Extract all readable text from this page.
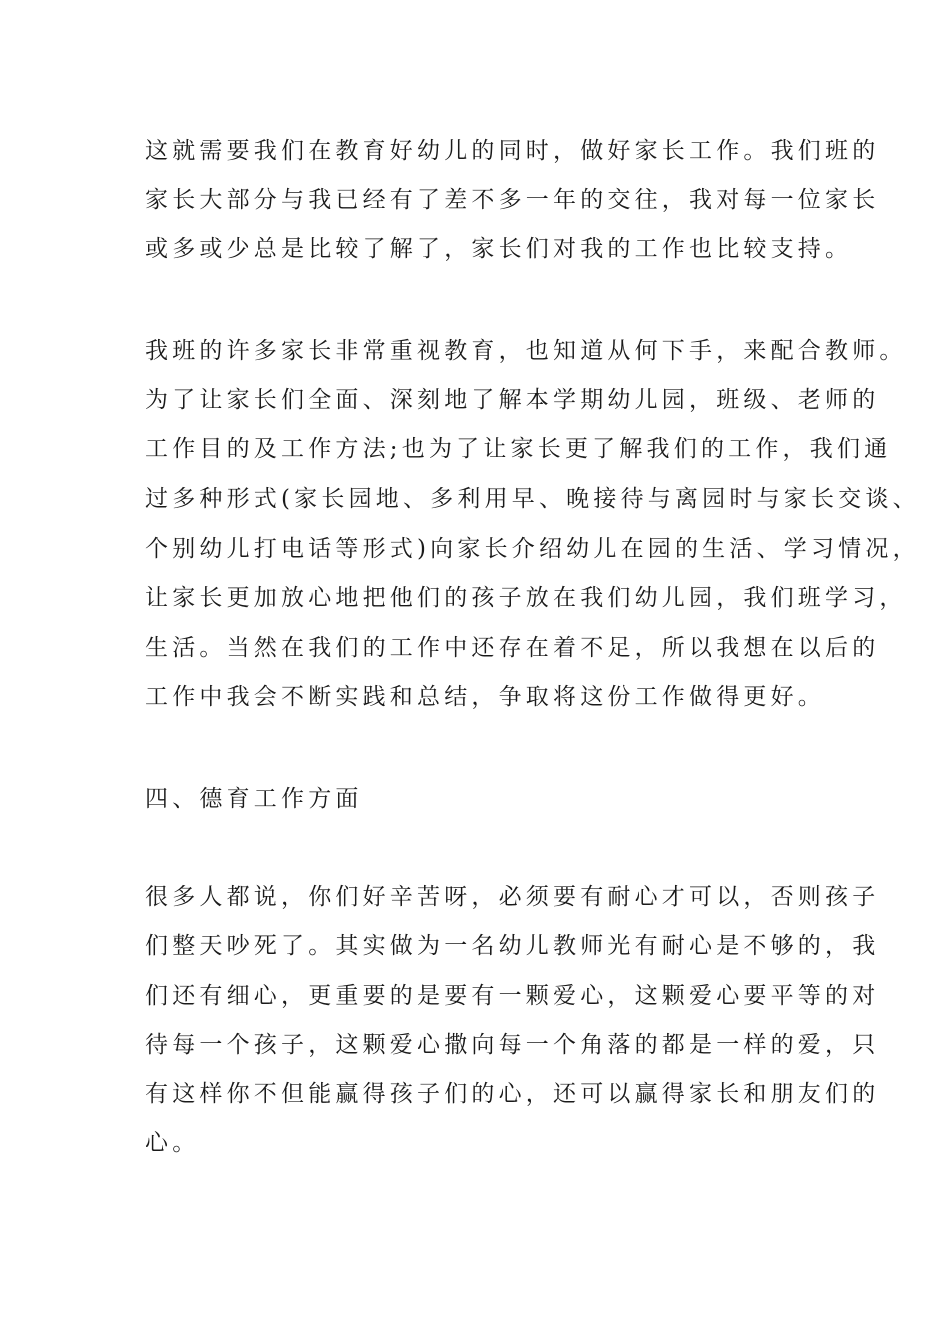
这就需要我们在教育好幼儿的同时，做好家长工作。我们班的

家长大部分与我已经有了差不多一年的交往，我对每一位家长

或多或少总是比较了解了，家长们对我的工作也比较支持。

我班的许多家长非常重视教育，也知道从何下手，来配合教师。

为了让家长们全面、深刻地了解本学期幼儿园，班级、老师的

工作目的及工作方法;也为了让家长更了解我们的工作，我们通

过多种形式(家长园地、多利用早、晚接待与离园时与家长交谈、

个别幼儿打电话等形式)向家长介绍幼儿在园的生活、学习情况，

让家长更加放心地把他们的孩子放在我们幼儿园，我们班学习，

生活。当然在我们的工作中还存在着不足，所以我想在以后的

工作中我会不断实践和总结，争取将这份工作做得更好。

四、德育工作方面

很多人都说，你们好辛苦呀，必须要有耐心才可以，否则孩子

们整天吵死了。其实做为一名幼儿教师光有耐心是不够的，我

们还有细心，更重要的是要有一颗爱心，这颗爱心要平等的对

待每一个孩子，这颗爱心撒向每一个角落的都是一样的爱，只

有这样你不但能赢得孩子们的心，还可以赢得家长和朋友们的

心。
